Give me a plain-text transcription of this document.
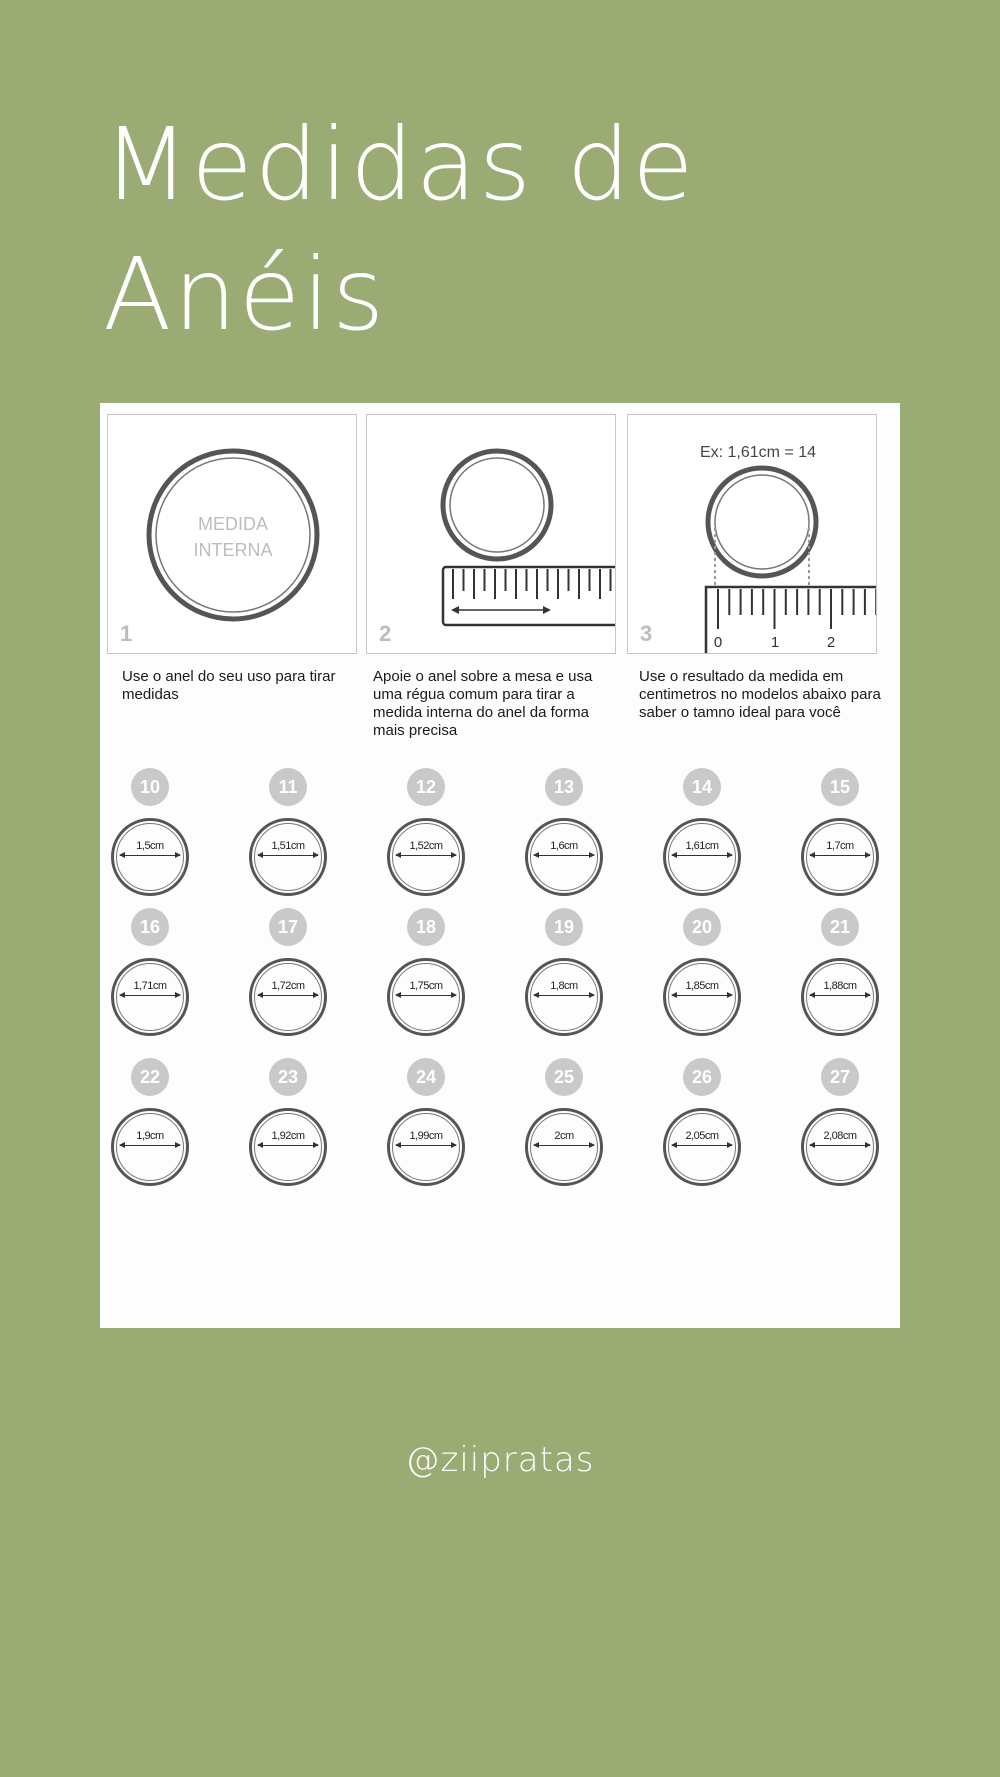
Medidas de Anéis
MEDIDA
INTERNA
1	2
Ex: 1,61cm = 14
0	1	2
3
Use o anel do seu uso para tirar medidas
Apoie o anel sobre a mesa e usa uma régua comum para tirar a medida interna do anel da forma mais precisa
Use o resultado da medida em centimetros no modelos abaixo para saber o tamno ideal para você
10
1,5cm
11
1,51cm
12
1,52cm
13
1,6cm
14
1,61cm
15
1,7cm
16
1,71cm
17
1,72cm
18
1,75cm
19
1,8cm
20
1,85cm
21
1,88cm
22
1,9cm
23
1,92cm
24
1,99cm
25
2cm
26
2,05cm
27
2,08cm
@ziipratas
